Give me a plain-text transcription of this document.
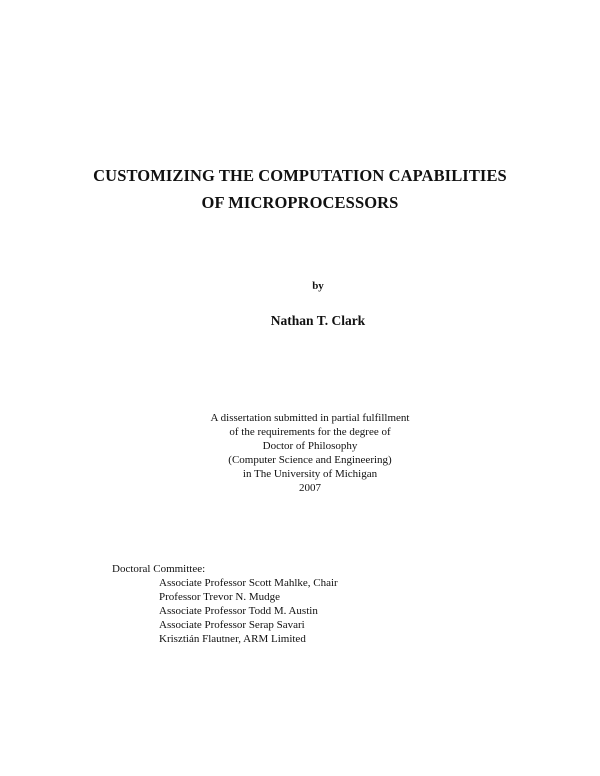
CUSTOMIZING THE COMPUTATION CAPABILITIES
OF MICROPROCESSORS
by
Nathan T. Clark
A dissertation submitted in partial fulfillment
of the requirements for the degree of
Doctor of Philosophy
(Computer Science and Engineering)
in The University of Michigan
2007
Doctoral Committee:
Associate Professor Scott Mahlke, Chair
Professor Trevor N. Mudge
Associate Professor Todd M. Austin
Associate Professor Serap Savari
Krisztián Flautner, ARM Limited
